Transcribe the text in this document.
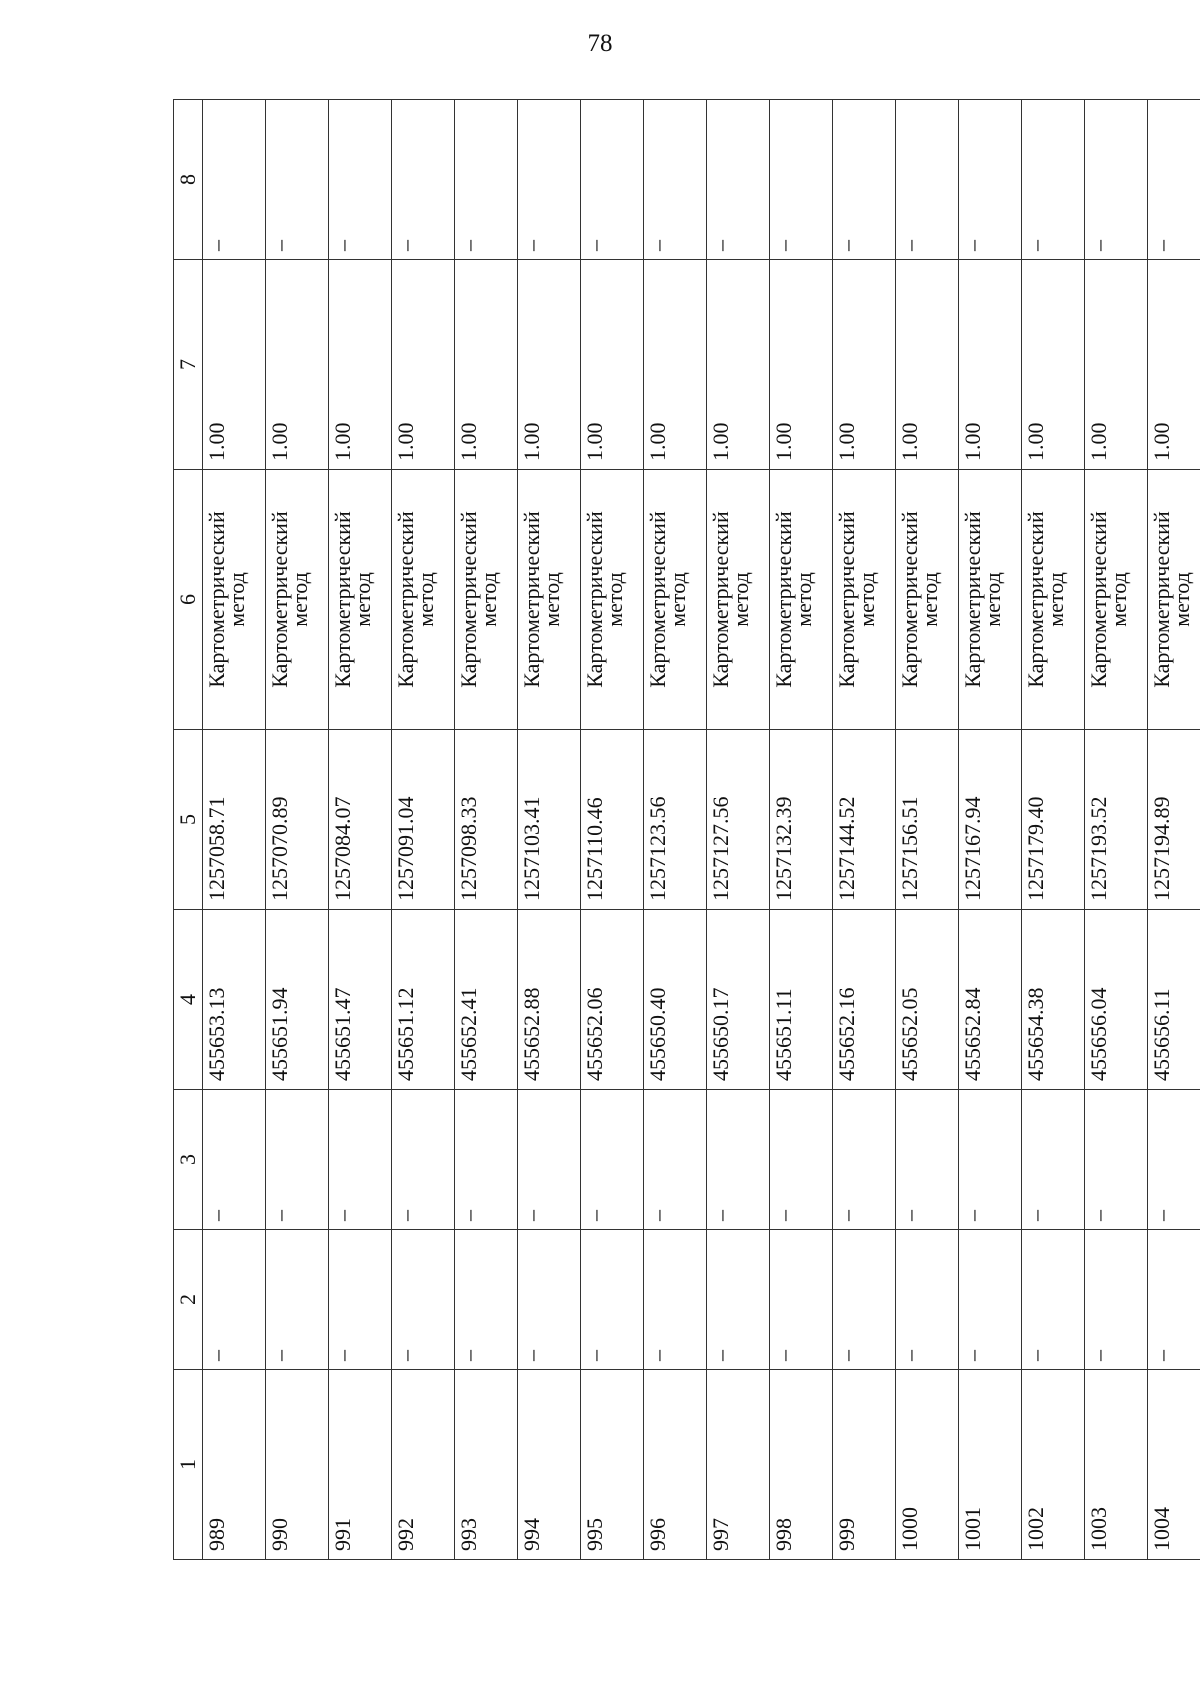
78
1	2	3	4	5	6	7	8
989	–	–	455653.13	1257058.71	Картометрический
метод	1.00	–
990	–	–	455651.94	1257070.89	Картометрический
метод	1.00	–
991	–	–	455651.47	1257084.07	Картометрический
метод	1.00	–
992	–	–	455651.12	1257091.04	Картометрический
метод	1.00	–
993	–	–	455652.41	1257098.33	Картометрический
метод	1.00	–
994	–	–	455652.88	1257103.41	Картометрический
метод	1.00	–
995	–	–	455652.06	1257110.46	Картометрический
метод	1.00	–
996	–	–	455650.40	1257123.56	Картометрический
метод	1.00	–
997	–	–	455650.17	1257127.56	Картометрический
метод	1.00	–
998	–	–	455651.11	1257132.39	Картометрический
метод	1.00	–
999	–	–	455652.16	1257144.52	Картометрический
метод	1.00	–
1000	–	–	455652.05	1257156.51	Картометрический
метод	1.00	–
1001	–	–	455652.84	1257167.94	Картометрический
метод	1.00	–
1002	–	–	455654.38	1257179.40	Картометрический
метод	1.00	–
1003	–	–	455656.04	1257193.52	Картометрический
метод	1.00	–
1004	–	–	455656.11	1257194.89	Картометрический
метод	1.00	–
